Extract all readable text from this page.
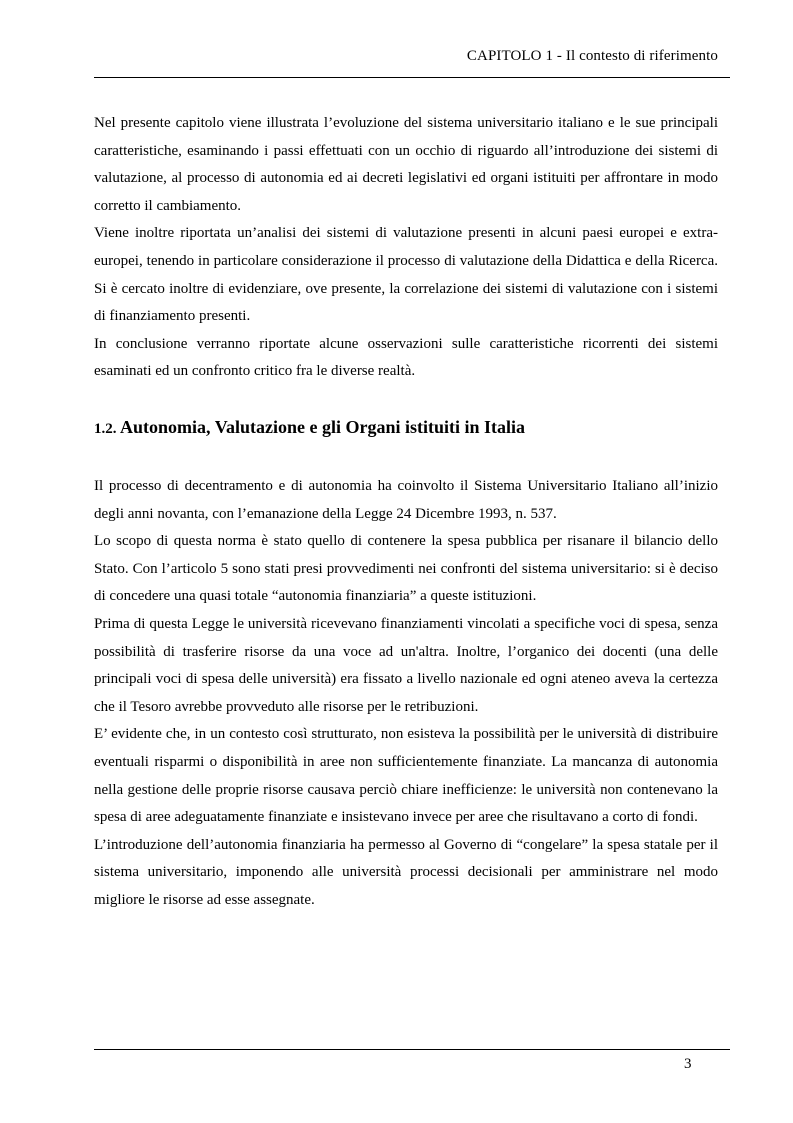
CAPITOLO 1 - Il contesto di riferimento

Nel presente capitolo viene illustrata l’evoluzione del sistema universitario italiano e le sue principali caratteristiche, esaminando i passi effettuati con un occhio di riguardo all’introduzione dei sistemi di valutazione, al processo di autonomia ed ai decreti legislativi ed organi istituiti per affrontare in modo corretto il cambiamento.

Viene inoltre riportata un’analisi dei sistemi di valutazione presenti in alcuni paesi europei e extra-europei, tenendo in particolare considerazione il processo di valutazione della Didattica e della Ricerca. Si è cercato inoltre di evidenziare, ove presente, la correlazione dei sistemi di valutazione con i sistemi di finanziamento presenti.

In conclusione verranno riportate alcune osservazioni sulle caratteristiche ricorrenti dei sistemi esaminati ed un confronto critico fra le diverse realtà.

1.2. Autonomia, Valutazione e gli Organi istituiti in Italia

Il processo di decentramento e di autonomia ha coinvolto il Sistema Universitario Italiano all’inizio degli anni novanta, con l’emanazione della Legge 24 Dicembre 1993, n. 537.

Lo scopo di questa norma è stato quello di contenere la spesa pubblica per risanare il bilancio dello Stato. Con l’articolo 5 sono stati presi provvedimenti nei confronti del sistema universitario: si è deciso di concedere una quasi totale “autonomia finanziaria” a queste istituzioni.

Prima di questa Legge le università ricevevano finanziamenti vincolati a specifiche voci di spesa, senza possibilità di trasferire risorse da una voce ad un'altra. Inoltre, l’organico dei docenti (una delle principali voci di spesa delle università) era fissato a livello nazionale ed ogni ateneo aveva la certezza che il Tesoro avrebbe provveduto alle risorse per le retribuzioni.

E’ evidente che, in un contesto così strutturato, non esisteva la possibilità per le università di distribuire eventuali risparmi o disponibilità in aree non sufficientemente finanziate. La mancanza di autonomia nella gestione delle proprie risorse causava perciò chiare inefficienze: le università non contenevano la spesa di aree adeguatamente finanziate e insistevano invece per aree che risultavano a corto di fondi.

L’introduzione dell’autonomia finanziaria ha permesso al Governo di “congelare” la spesa statale per il sistema universitario, imponendo alle università processi decisionali per amministrare nel modo migliore le risorse ad esse assegnate.

3
